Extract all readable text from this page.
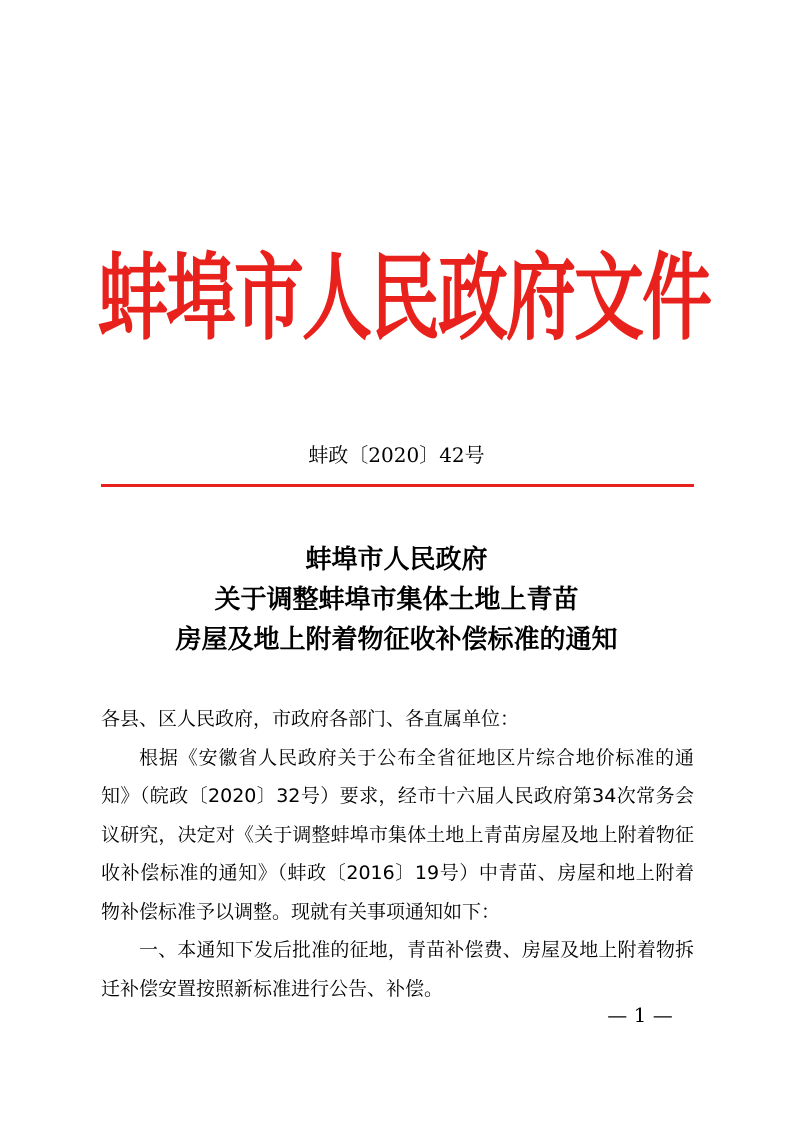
蚌埠市人民政府文件
蚌政〔2020〕42号
蚌埠市人民政府
关于调整蚌埠市集体土地上青苗
房屋及地上附着物征收补偿标准的通知

各县、区人民政府，市政府各部门、各直属单位：

根据《安徽省人民政府关于公布全省征地区片综合地价标准的通知》（皖政〔2020〕32号）要求，经市十六届人民政府第34次常务会议研究，决定对《关于调整蚌埠市集体土地上青苗房屋及地上附着物征收补偿标准的通知》（蚌政〔2016〕19号）中青苗、房屋和地上附着物补偿标准予以调整。现就有关事项通知如下：

一、本通知下发后批准的征地，青苗补偿费、房屋及地上附着物拆迁补偿安置按照新标准进行公告、补偿。

— 1 —
